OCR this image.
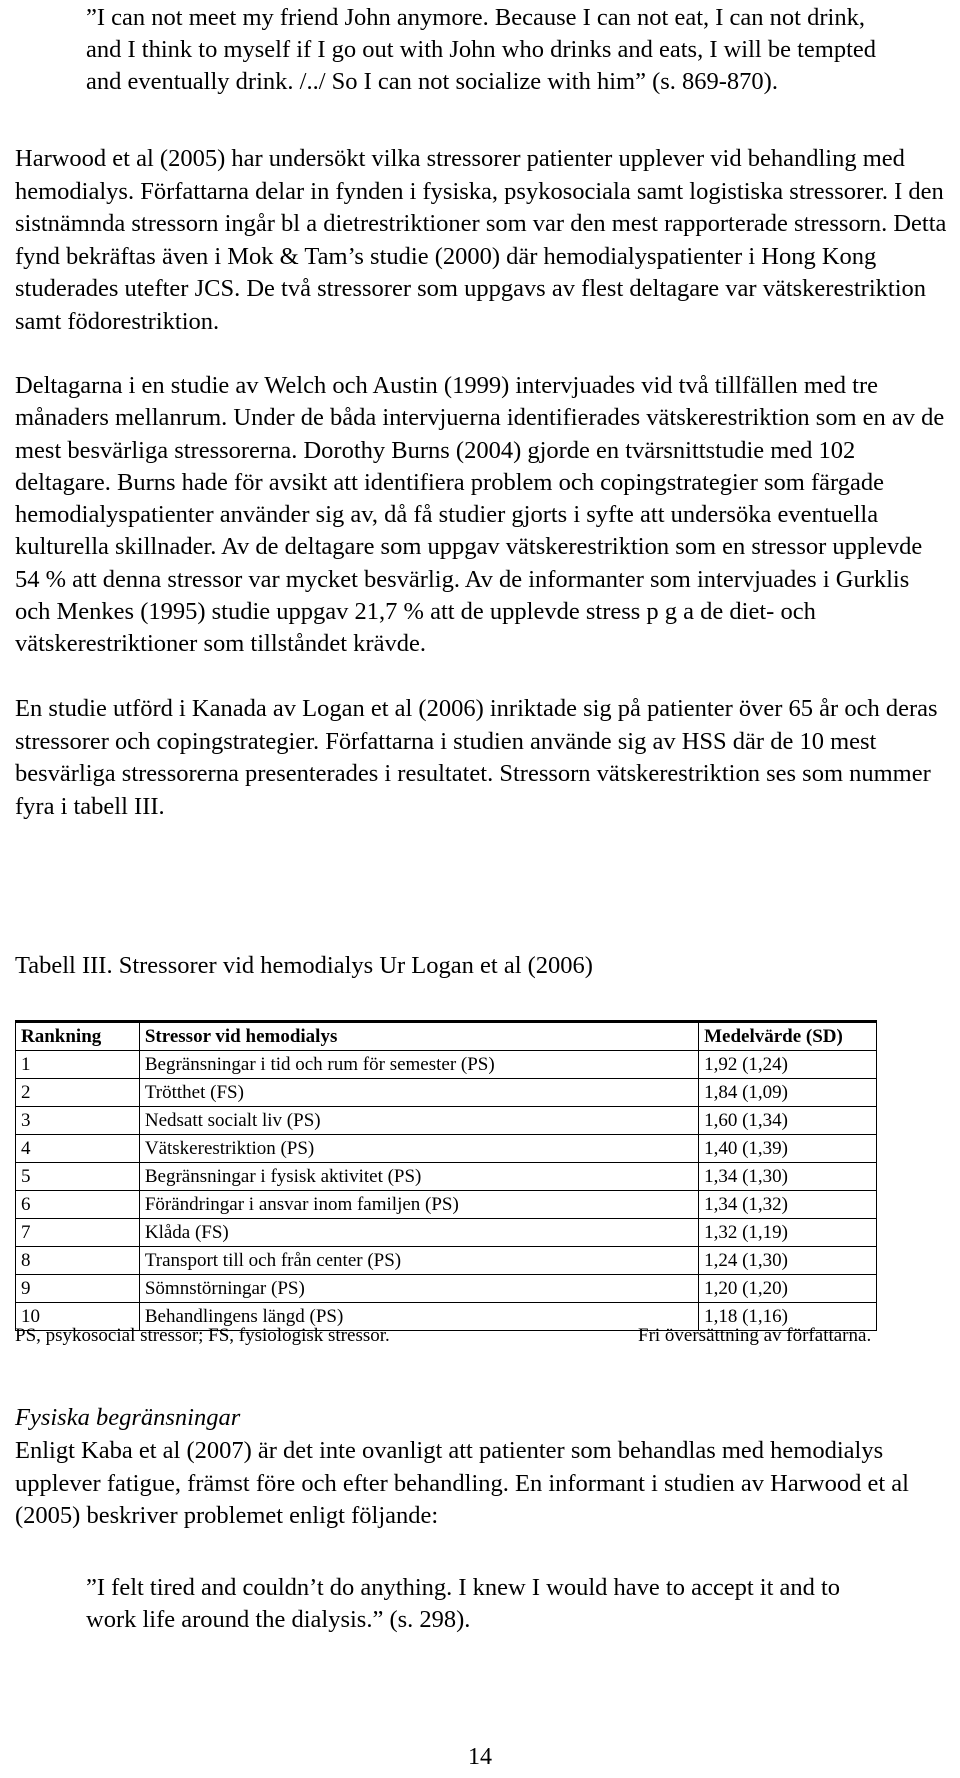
”I can not meet my friend John anymore. Because I can not eat, I can not drink, and I think to myself if I go out with John who drinks and eats, I will be tempted and eventually drink. /../ So I can not socialize with him” (s. 869-870).

Harwood et al (2005) har undersökt vilka stressorer patienter upplever vid behandling med hemodialys. Författarna delar in fynden i fysiska, psykosociala samt logistiska stressorer. I den sistnämnda stressorn ingår bl a dietrestriktioner som var den mest rapporterade stressorn. Detta fynd bekräftas även i Mok & Tam’s studie (2000) där hemodialyspatienter i Hong Kong studerades utefter JCS. De två stressorer som uppgavs av flest deltagare var vätskerestriktion samt födorestriktion.

Deltagarna i en studie av Welch och Austin (1999) intervjuades vid två tillfällen med tre månaders mellanrum. Under de båda intervjuerna identifierades vätskerestriktion som en av de mest besvärliga stressorerna. Dorothy Burns (2004) gjorde en tvärsnittstudie med 102 deltagare. Burns hade för avsikt att identifiera problem och copingstrategier som färgade hemodialyspatienter använder sig av, då få studier gjorts i syfte att undersöka eventuella kulturella skillnader. Av de deltagare som uppgav vätskerestriktion som en stressor upplevde 54 % att denna stressor var mycket besvärlig. Av de informanter som intervjuades i Gurklis och Menkes (1995) studie uppgav 21,7 % att de upplevde stress p g a de diet- och vätskerestriktioner som tillståndet krävde.

En studie utförd i Kanada av Logan et al (2006) inriktade sig på patienter över 65 år och deras stressorer och copingstrategier. Författarna i studien använde sig av HSS där de 10 mest besvärliga stressorerna presenterades i resultatet. Stressorn vätskerestriktion ses som nummer fyra i tabell III.

Tabell III. Stressorer vid hemodialys Ur Logan et al (2006)

Rankning	Stressor vid hemodialys	Medelvärde (SD)
1	Begränsningar i tid och rum för semester (PS)	1,92 (1,24)
2	Trötthet (FS)	1,84 (1,09)
3	Nedsatt socialt liv (PS)	1,60 (1,34)
4	Vätskerestriktion (PS)	1,40 (1,39)
5	Begränsningar i fysisk aktivitet (PS)	1,34 (1,30)
6	Förändringar i ansvar inom familjen (PS)	1,34 (1,32)
7	Klåda (FS)	1,32 (1,19)
8	Transport till och från center (PS)	1,24 (1,30)
9	Sömnstörningar (PS)	1,20 (1,20)
10	Behandlingens längd (PS)	1,18 (1,16)

PS, psykosocial stressor; FS, fysiologisk stressor.	Fri översättning av författarna.

Fysiska begränsningar

Enligt Kaba et al (2007) är det inte ovanligt att patienter som behandlas med hemodialys upplever fatigue, främst före och efter behandling. En informant i studien av Harwood et al (2005) beskriver problemet enligt följande:

”I felt tired and couldn’t do anything. I knew I would have to accept it and to work life around the dialysis.” (s. 298).

14
